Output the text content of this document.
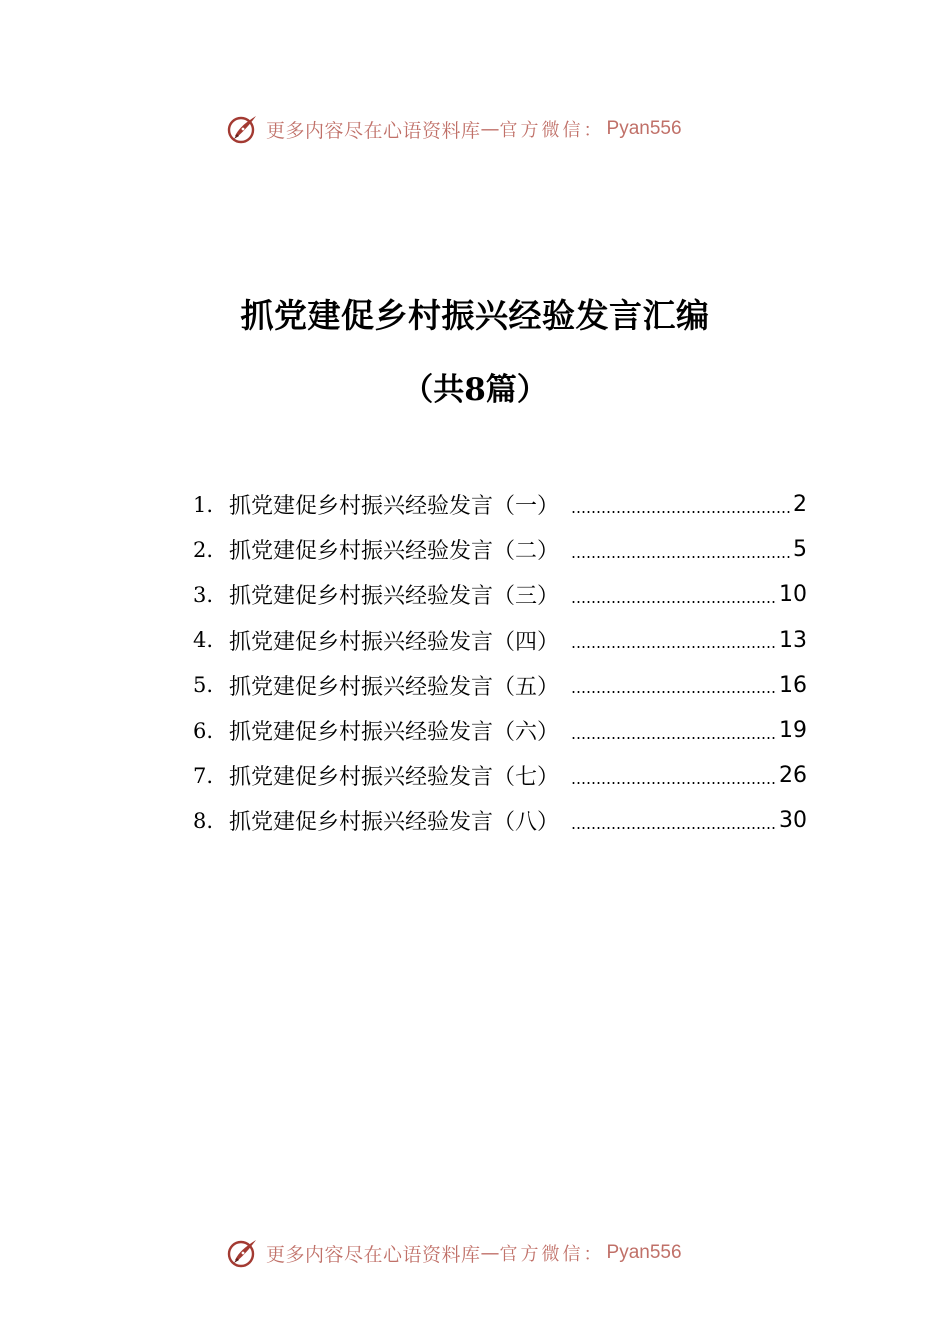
更多内容尽在心语资料库 — 官方微信： Pyan556
抓党建促乡村振兴经验发言汇编
（共8篇）
1. 抓党建促乡村振兴经验发言（一）	2
2. 抓党建促乡村振兴经验发言（二）	5
3. 抓党建促乡村振兴经验发言（三）	10
4. 抓党建促乡村振兴经验发言（四）	13
5. 抓党建促乡村振兴经验发言（五）	16
6. 抓党建促乡村振兴经验发言（六）	19
7. 抓党建促乡村振兴经验发言（七）	26
8. 抓党建促乡村振兴经验发言（八）	30
更多内容尽在心语资料库 — 官方微信： Pyan556
